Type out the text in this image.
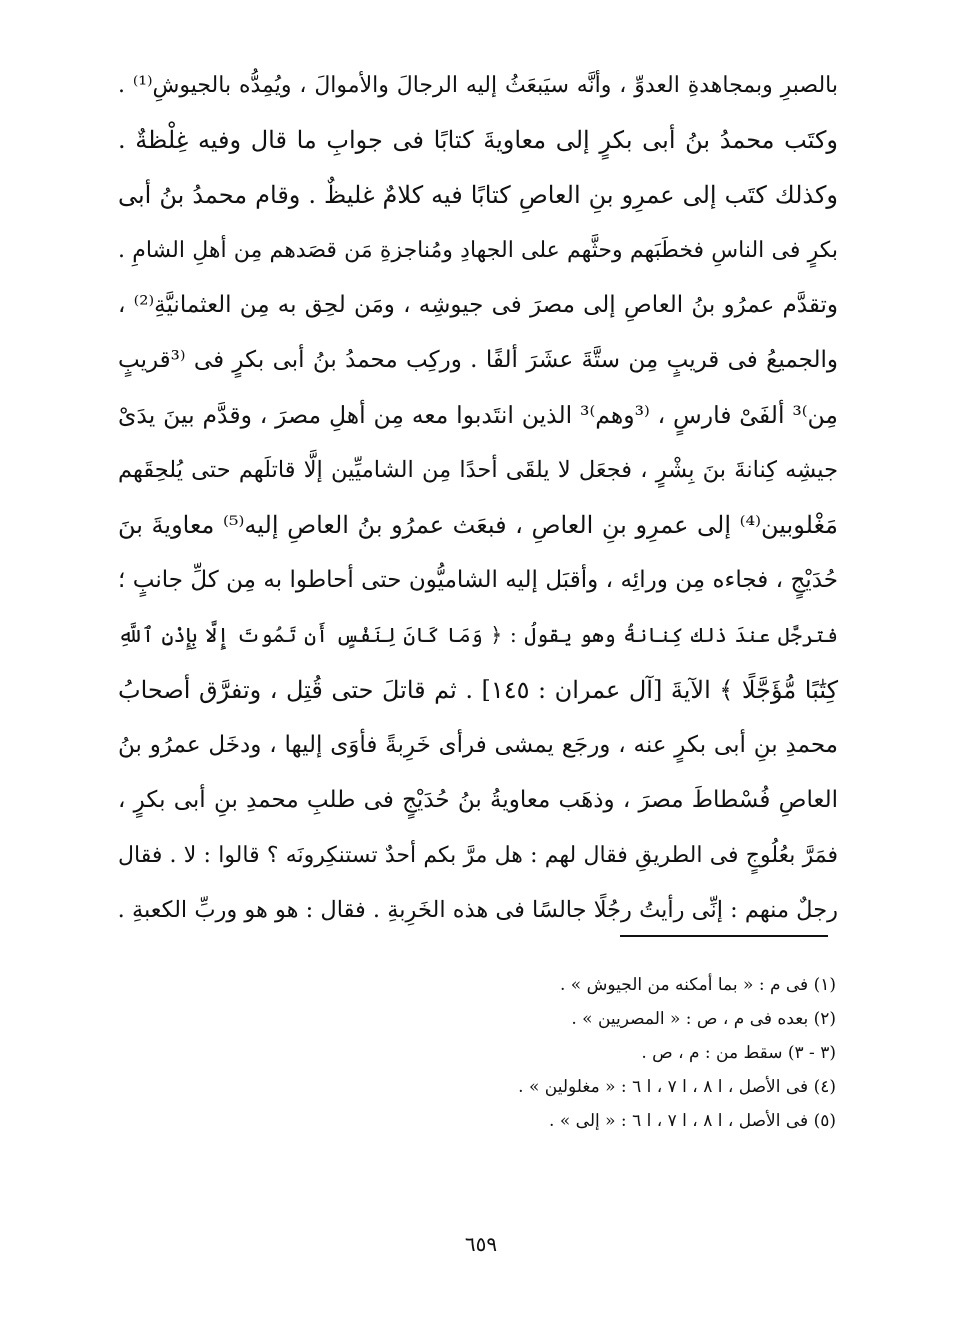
بالصبرِ وبمجاهدةِ العدوِّ ، وأنَّه سيَبعَثُ إليه الرجالَ والأموالَ ، ويُمِدُّه بالجيوشِ⁽¹⁾ .
وكتَب محمدُ بنُ أبى بكرٍ إلى معاويةَ كتابًا فى جوابِ ما قال وفيه غِلْظةٌ .
وكذلك كتَب إلى عمرِو بنِ العاصِ كتابًا فيه كلامٌ غليظٌ . وقام محمدُ بنُ أبى
بكرٍ فى الناسِ فخطَبَهم وحثَّهم على الجهادِ ومُناجزةِ مَن قصَدهم مِن أهلِ الشامِ .
وتقدَّم عمرُو بنُ العاصِ إلى مصرَ فى جيوشِه ، ومَن لحِق به مِن العثمانيَّةِ⁽²⁾ ،
والجميعُ فى قريبٍ مِن ستَّةَ عشَرَ ألفًا . وركِب محمدُ بنُ أبى بكرٍ فى ⁽³قريبٍ
مِن⁾³ ألفَىْ فارسٍ ، ⁽³وهم⁾³ الذين انتَدبوا معه مِن أهلِ مصرَ ، وقدَّم بينَ يدَىْ
جيشِه كِنانةَ بنَ بِشْرٍ ، فجعَل لا يلقَى أحدًا مِن الشاميِّين إلَّا قاتلَهم حتى يُلحِقَهم
مَغْلوبين⁽⁴⁾ إلى عمرِو بنِ العاصِ ، فبعَث عمرُو بنُ العاصِ إليه⁽⁵⁾ معاويةَ بنَ
حُدَيْجٍ ، فجاءه مِن ورائِه ، وأقبَل إليه الشاميُّون حتى أحاطوا به مِن كلِّ جانبٍ ؛
فترجَّل عندَ ذلك كِنانةُ وهو يقولُ : ﴿ وَمَا كَانَ لِنَفْسٍ أَن تَمُوتَ إِلَّا بِإِذْنِ ٱللَّهِ
كِتَٰبًا مُّؤَجَّلًا ﴾ الآيةَ [آل عمران : ١٤٥] . ثم قاتلَ حتى قُتِل ، وتفرَّق أصحابُ
محمدِ بنِ أبى بكرٍ عنه ، ورجَع يمشى فرأى خَرِبةً فأوَى إليها ، ودخَل عمرُو بنُ
العاصِ فُسْطاطَ مصرَ ، وذهَب معاويةُ بنُ حُدَيْجٍ فى طلبِ محمدِ بنِ أبى بكرٍ ،
فمَرَّ بعُلُوجٍ فى الطريقِ فقال لهم : هل مرَّ بكم أحدٌ تستنكِرونَه ؟ قالوا : لا . فقال
رجلٌ منهم : إنِّى رأيتُ رجُلًا جالسًا فى هذه الخَرِبةِ . فقال : هو هو وربِّ الكعبةِ .
(١) فى م : « بما أمكنه من الجيوش » .
(٢) بعده فى م ، ص : « المصريين » .
(٣ - ٣) سقط من : م ، ص .
(٤) فى الأصل ، ا ٨ ، ا ٧ ، ا ٦ : « مغلولين » .
(٥) فى الأصل ، ا ٨ ، ا ٧ ، ا ٦ : « إلى » .
٦٥٩
